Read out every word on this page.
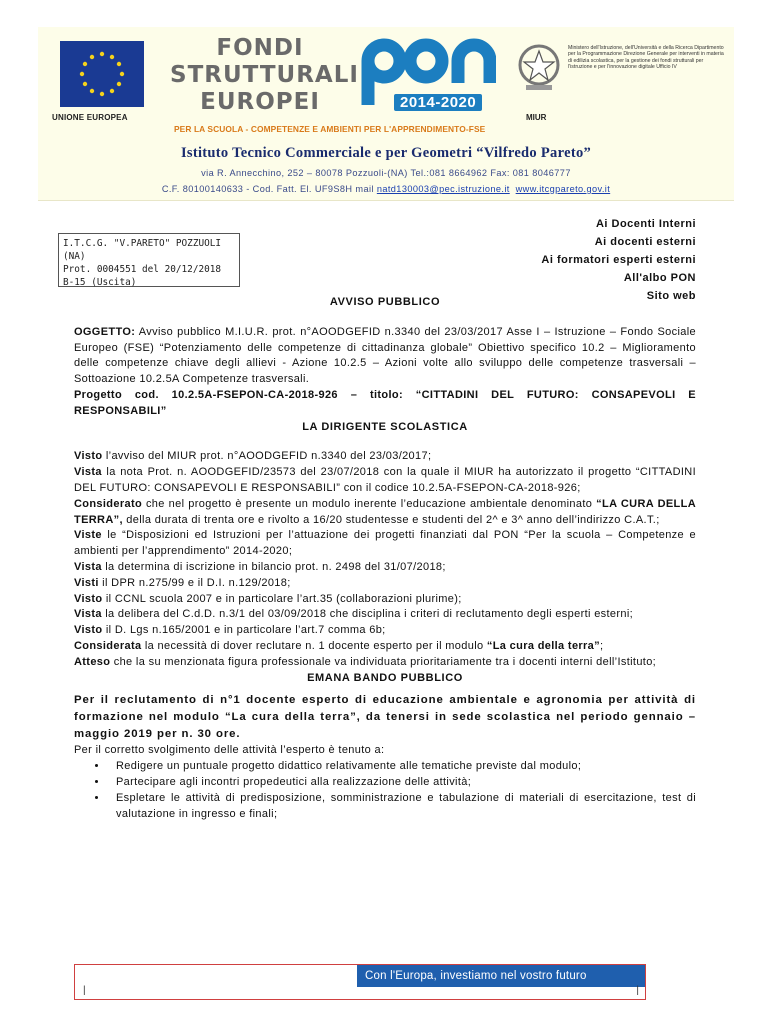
UNIONE EUROPEA
FONDI
STRUTTURALI
EUROPEI	2014-2020
Ministero dell'Istruzione, dell'Università e della Ricerca Dipartimento per la Programmazione Direzione Generale per interventi in materia di edilizia scolastica, per la gestione dei fondi strutturali per l'istruzione e per l'innovazione digitale Ufficio IV
MIUR
PER LA SCUOLA - COMPETENZE E AMBIENTI PER L'APPRENDIMENTO-FSE
Istituto Tecnico Commerciale e per Geometri “Vilfredo Pareto”
via R. Annecchino, 252 – 80078 Pozzuoli-(NA) Tel.:081 8664962 Fax: 081 8046777
C.F. 80100140633 - Cod. Fatt. El. UF9S8H mail natd130003@pec.istruzione.it www.itcgpareto.gov.it
I.T.C.G. "V.PARETO" POZZUOLI (NA)
Prot. 0004551 del 20/12/2018
B-15 (Uscita)
Ai Docenti Interni
Ai docenti esterni
Ai formatori esperti esterni
All'albo PON
Sito web

AVVISO PUBBLICO

OGGETTO: Avviso pubblico M.I.U.R. prot. n°AOODGEFID n.3340 del 23/03/2017 Asse I – Istruzione – Fondo Sociale Europeo (FSE) “Potenziamento delle competenze di cittadinanza globale” Obiettivo specifico 10.2 – Miglioramento delle competenze chiave degli allievi - Azione 10.2.5 – Azioni volte allo sviluppo delle competenze trasversali – Sottoazione 10.2.5A Competenze trasversali.

Progetto cod. 10.2.5A-FSEPON-CA-2018-926 – titolo: “CITTADINI DEL FUTURO: CONSAPEVOLI E RESPONSABILI”

LA DIRIGENTE SCOLASTICA

Visto l’avviso del MIUR prot. n°AOODGEFID n.3340 del 23/03/2017;

Vista la nota Prot. n. AOODGEFID/23573 del 23/07/2018 con la quale il MIUR ha autorizzato il progetto “CITTADINI DEL FUTURO: CONSAPEVOLI E RESPONSABILI” con il codice 10.2.5A-FSEPON-CA-2018-926;

Considerato che nel progetto è presente un modulo inerente l’educazione ambientale denominato “LA CURA DELLA TERRA”, della durata di trenta ore e rivolto a 16/20 studentesse e studenti del 2^ e 3^ anno dell’indirizzo C.A.T.;

Viste le “Disposizioni ed Istruzioni per l’attuazione dei progetti finanziati dal PON “Per la scuola – Competenze e ambienti per l’apprendimento” 2014-2020;

Vista la determina di iscrizione in bilancio prot. n. 2498 del 31/07/2018;

Visti il DPR n.275/99 e il D.I. n.129/2018;

Visto il CCNL scuola 2007 e in particolare l’art.35 (collaborazioni plurime);

Vista la delibera del C.d.D. n.3/1 del 03/09/2018 che disciplina i criteri di reclutamento degli esperti esterni;

Visto il D. Lgs n.165/2001 e in particolare l’art.7 comma 6b;

Considerata la necessità di dover reclutare n. 1 docente esperto per il modulo “La cura della terra”;

Atteso che la su menzionata figura professionale va individuata prioritariamente tra i docenti interni dell’Istituto;

EMANA BANDO PUBBLICO

Per il reclutamento di n°1 docente esperto di educazione ambientale e agronomia per attività di formazione nel modulo “La cura della terra”, da tenersi in sede scolastica nel periodo gennaio – maggio 2019 per n. 30 ore.

Per il corretto svolgimento delle attività l’esperto è tenuto a:

• Redigere un puntuale progetto didattico relativamente alle tematiche previste dal modulo;
• Partecipare agli incontri propedeutici alla realizzazione delle attività;
• Espletare le attività di predisposizione, somministrazione e tabulazione di materiali di esercitazione, test di valutazione in ingresso e finali;
Con l'Europa, investiamo nel vostro futuro
|	|
